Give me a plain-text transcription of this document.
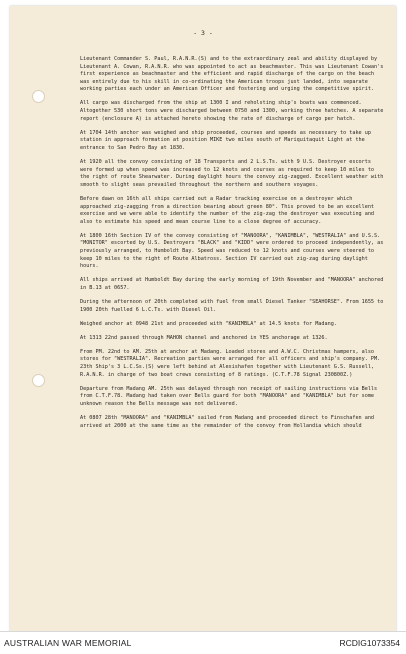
- 3 -

Lieutenant Commander S. Paul, R.A.N.R.(S) and to the extraordinary zeal and ability displayed by Lieutenant A. Cowan, R.A.N.R. who was appointed to act as beachmaster. This was Lieutenant Cowan's first experience as beachmaster and the efficient and rapid discharge of the cargo on the beach was entirely due to his skill in co-ordinating the American troops just landed, into separate working parties each under an American Officer and fostering and urging the competitive spirit.

All cargo was discharged from the ship at 1300 I and reholsting ship's boats was commenced. Altogether 530 short tons were discharged between 0750 and 1300, working three hatches. A separate report (enclosure A) is attached hereto showing the rate of discharge of cargo per hatch.

At 1704 14th anchor was weighed and ship proceeded, courses and speeds as necessary to take up station in approach formation at position MIKE two miles south of Mariquitaquit Light at the entrance to San Pedro Bay at 1830.

At 1920 all the convoy consisting of 18 Transports and 2 L.S.Ts. with 9 U.S. Destroyer escorts were formed up when speed was increased to 12 knots and courses as required to keep 10 miles to the right of route Shearwater. During daylight hours the convoy zig-zagged. Excellent weather with smooth to slight seas prevailed throughout the northern and southern voyages.

Before dawn on 16th all ships carried out a Radar tracking exercise on a destroyer which approached zig-zagging from a direction bearing about green 80°. This proved to be an excellent exercise and we were able to identify the number of the zig-zag the destroyer was executing and also to estimate his speed and mean course line to a close degree of accuracy.

At 1800 16th Section IV of the convoy consisting of "MANOORA", "KANIMBLA", "WESTRALIA" and U.S.S. "MONITOR" escorted by U.S. Destroyers "BLACK" and "KIDD" were ordered to proceed independently, as previously arranged, to Humboldt Bay. Speed was reduced to 12 knots and courses were steered to keep 10 miles to the right of Route Albatross. Section IV carried out zig-zag during daylight hours.

All ships arrived at Humboldt Bay during the early morning of 19th November and "MANOORA" anchored in B.13 at 0657.

During the afternoon of 20th completed with fuel from small Diesel Tanker "SEAHORSE". From 1655 to 1900 20th fuelled 6 L.C.Ts. with Diesel Oil.

Weighed anchor at 0948 21st and proceeded with "KANIMBLA" at 14.5 knots for Madang.

At 1313 22nd passed through MAHON channel and anchored in YES anchorage at 1326.

From PM. 22nd to AM. 25th at anchor at Madang. Loaded stores and A.W.C. Christmas hampers, also stores for "WESTRALIA". Recreation parties were arranged for all officers and ship's company. PM. 23th Ship's 3 L.C.Ss.(S) were left behind at Alexishafen together with Lieutenant G.S. Russell, R.A.N.R. in charge of two boat crews consisting of 8 ratings. (C.T.F.78 Signal 230800Z.)

Departure from Madang AM. 25th was delayed through non receipt of sailing instructions via Bells from C.T.F.78. Madang had taken over Bells guard for both "MANOORA" and "KANIMBLA" but for some unknown reason the Bells message was not delivered.

At 0807 28th "MANOORA" and "KANIMBLA" sailed from Madang and proceeded direct to Finschafen and arrived at 2000 at the same time as the remainder of the convoy from Hollandia which should

AUSTRALIAN WAR MEMORIAL	RCDIG1073354
